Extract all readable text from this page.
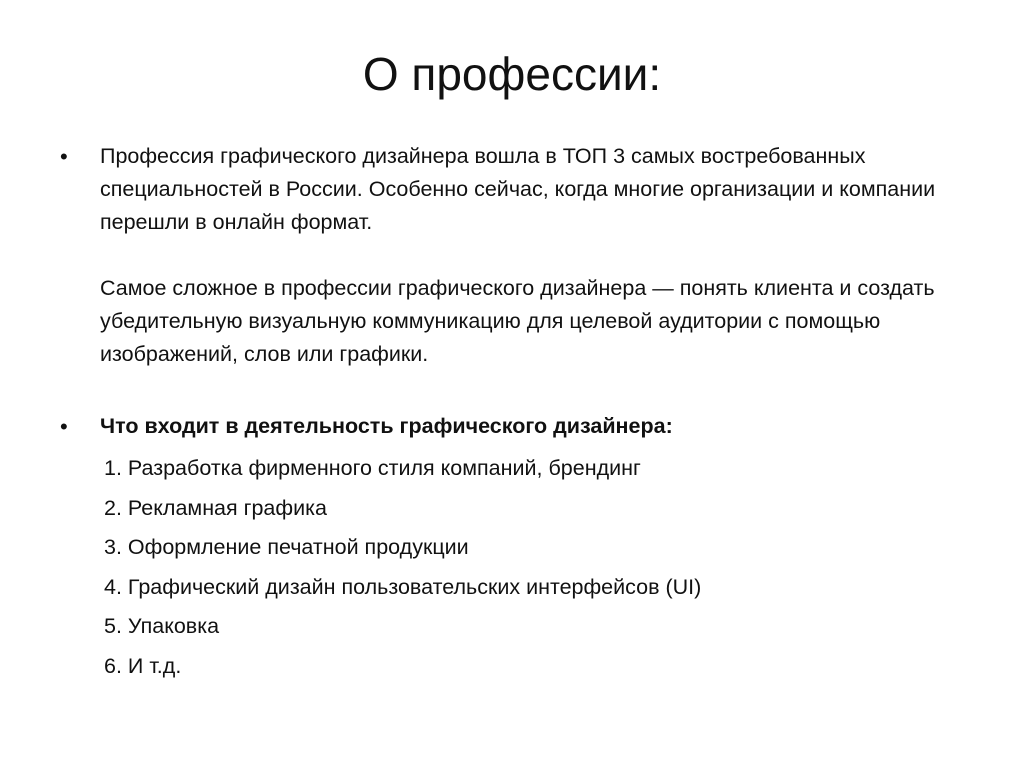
О профессии:
•	Профессия графического дизайнера вошла в ТОП 3 самых востребованных специальностей в России. Особенно сейчас, когда многие организации и компании перешли в онлайн формат.

Самое сложное в профессии графического дизайнера — понять клиента и создать убедительную визуальную коммуникацию для целевой аудитории с помощью изображений, слов или графики.

•	Что входит в деятельность графического дизайнера:
1. Разработка фирменного стиля компаний, брендинг
2. Рекламная графика
3. Оформление печатной продукции
4. Графический дизайн пользовательских интерфейсов (UI)
5. Упаковка
6. И т.д.
